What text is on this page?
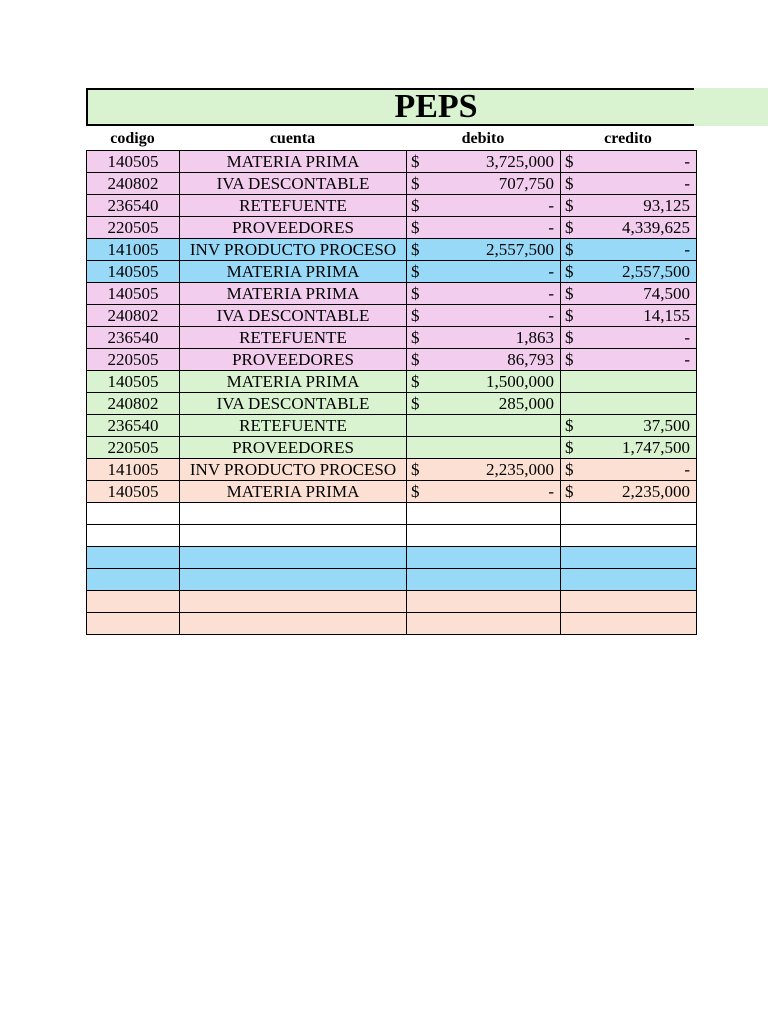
PEPS
codigo	cuenta	debito	credito
140505	MATERIA PRIMA	$ 3,725,000	$ -

240802	IVA DESCONTABLE	$ 707,750	$ -

236540	RETEFUENTE	$ -	$ 93,125

220505	PROVEEDORES	$ -	$ 4,339,625

141005	INV PRODUCTO PROCESO	$ 2,557,500	$ -

140505	MATERIA PRIMA	$ -	$ 2,557,500

140505	MATERIA PRIMA	$ -	$ 74,500

240802	IVA DESCONTABLE	$ -	$ 14,155

236540	RETEFUENTE	$ 1,863	$ -

220505	PROVEEDORES	$ 86,793	$ -

140505	MATERIA PRIMA	$ 1,500,000	

240802	IVA DESCONTABLE	$ 285,000	

236540	RETEFUENTE		$ 37,500

220505	PROVEEDORES		$ 1,747,500

141005	INV PRODUCTO PROCESO	$ 2,235,000	$ -

140505	MATERIA PRIMA	$ -	$ 2,235,000
